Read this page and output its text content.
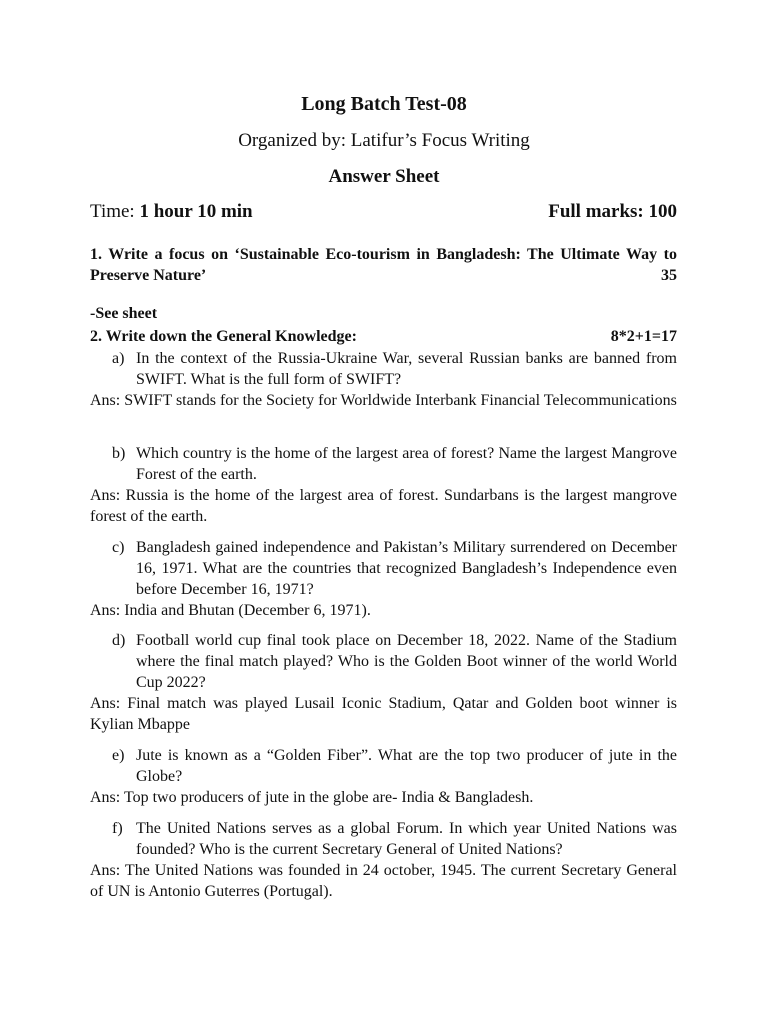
Long Batch Test-08
Organized by: Latifur’s Focus Writing
Answer Sheet
Time: 1 hour 10 min	Full marks: 100
1. Write a focus on ‘Sustainable Eco-tourism in Bangladesh: The Ultimate Way to Preserve Nature’	35
-See sheet
2. Write down the General Knowledge:	8*2+1=17
a) In the context of the Russia-Ukraine War, several Russian banks are banned from SWIFT. What is the full form of SWIFT?
Ans: SWIFT stands for the Society for Worldwide Interbank Financial Telecommunications
b) Which country is the home of the largest area of forest? Name the largest Mangrove Forest of the earth.
Ans: Russia is the home of the largest area of forest. Sundarbans is the largest mangrove forest of the earth.
c) Bangladesh gained independence and Pakistan’s Military surrendered on December 16, 1971. What are the countries that recognized Bangladesh’s Independence even before December 16, 1971?
Ans: India and Bhutan (December 6, 1971).
d) Football world cup final took place on December 18, 2022. Name of the Stadium where the final match played? Who is the Golden Boot winner of the world World Cup 2022?
Ans: Final match was played Lusail Iconic Stadium, Qatar and Golden boot winner is Kylian Mbappe
e) Jute is known as a “Golden Fiber”. What are the top two producer of jute in the Globe?
Ans: Top two producers of jute in the globe are- India & Bangladesh.
f) The United Nations serves as a global Forum. In which year United Nations was founded? Who is the current Secretary General of United Nations?
Ans: The United Nations was founded in 24 october, 1945. The current Secretary General of UN is Antonio Guterres (Portugal).
